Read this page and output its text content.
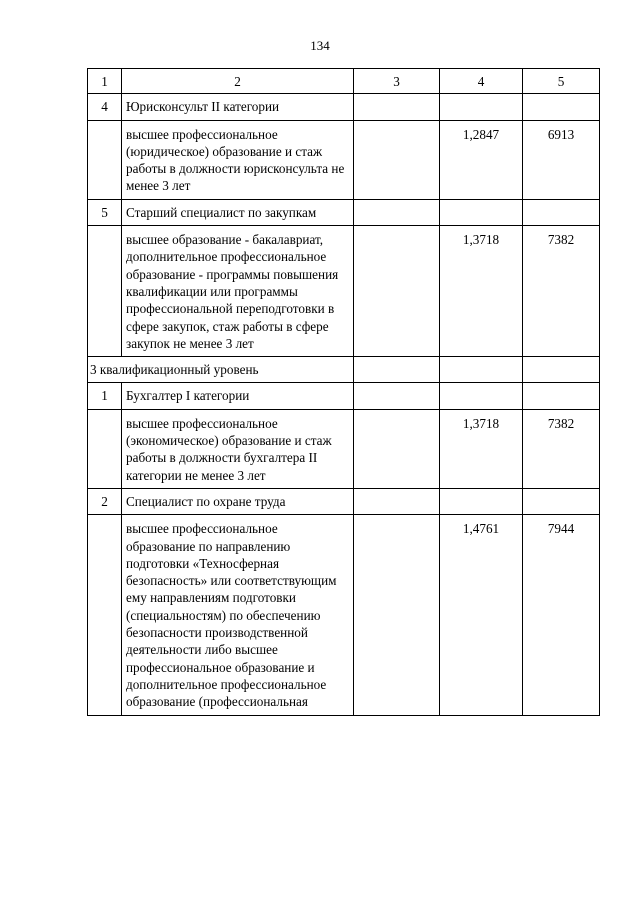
134
1	2	3	4	5
4	Юрисконсульт II категории			
	высшее профессиональное (юридическое) образование и стаж работы в должности юрисконсульта не менее 3 лет		1,2847	6913
5	Старший специалист по закупкам			
	высшее образование - бакалавриат, дополнительное профессиональное образование - программы повышения квалификации или программы профессиональной переподготовки в сфере закупок, стаж работы в сфере закупок не менее 3 лет		1,3718	7382
3 квалификационный уровень				
1	Бухгалтер I категории			
	высшее профессиональное (экономическое) образование и стаж работы в должности бухгалтера II категории не менее 3 лет		1,3718	7382
2	Специалист по охране труда			
	высшее профессиональное образование по направлению подготовки «Техносферная безопасность» или соответствующим ему направлениям подготовки (специальностям) по обеспечению безопасности производственной деятельности либо высшее профессиональное образование и дополнительное профессиональное образование (профессиональная		1,4761	7944
